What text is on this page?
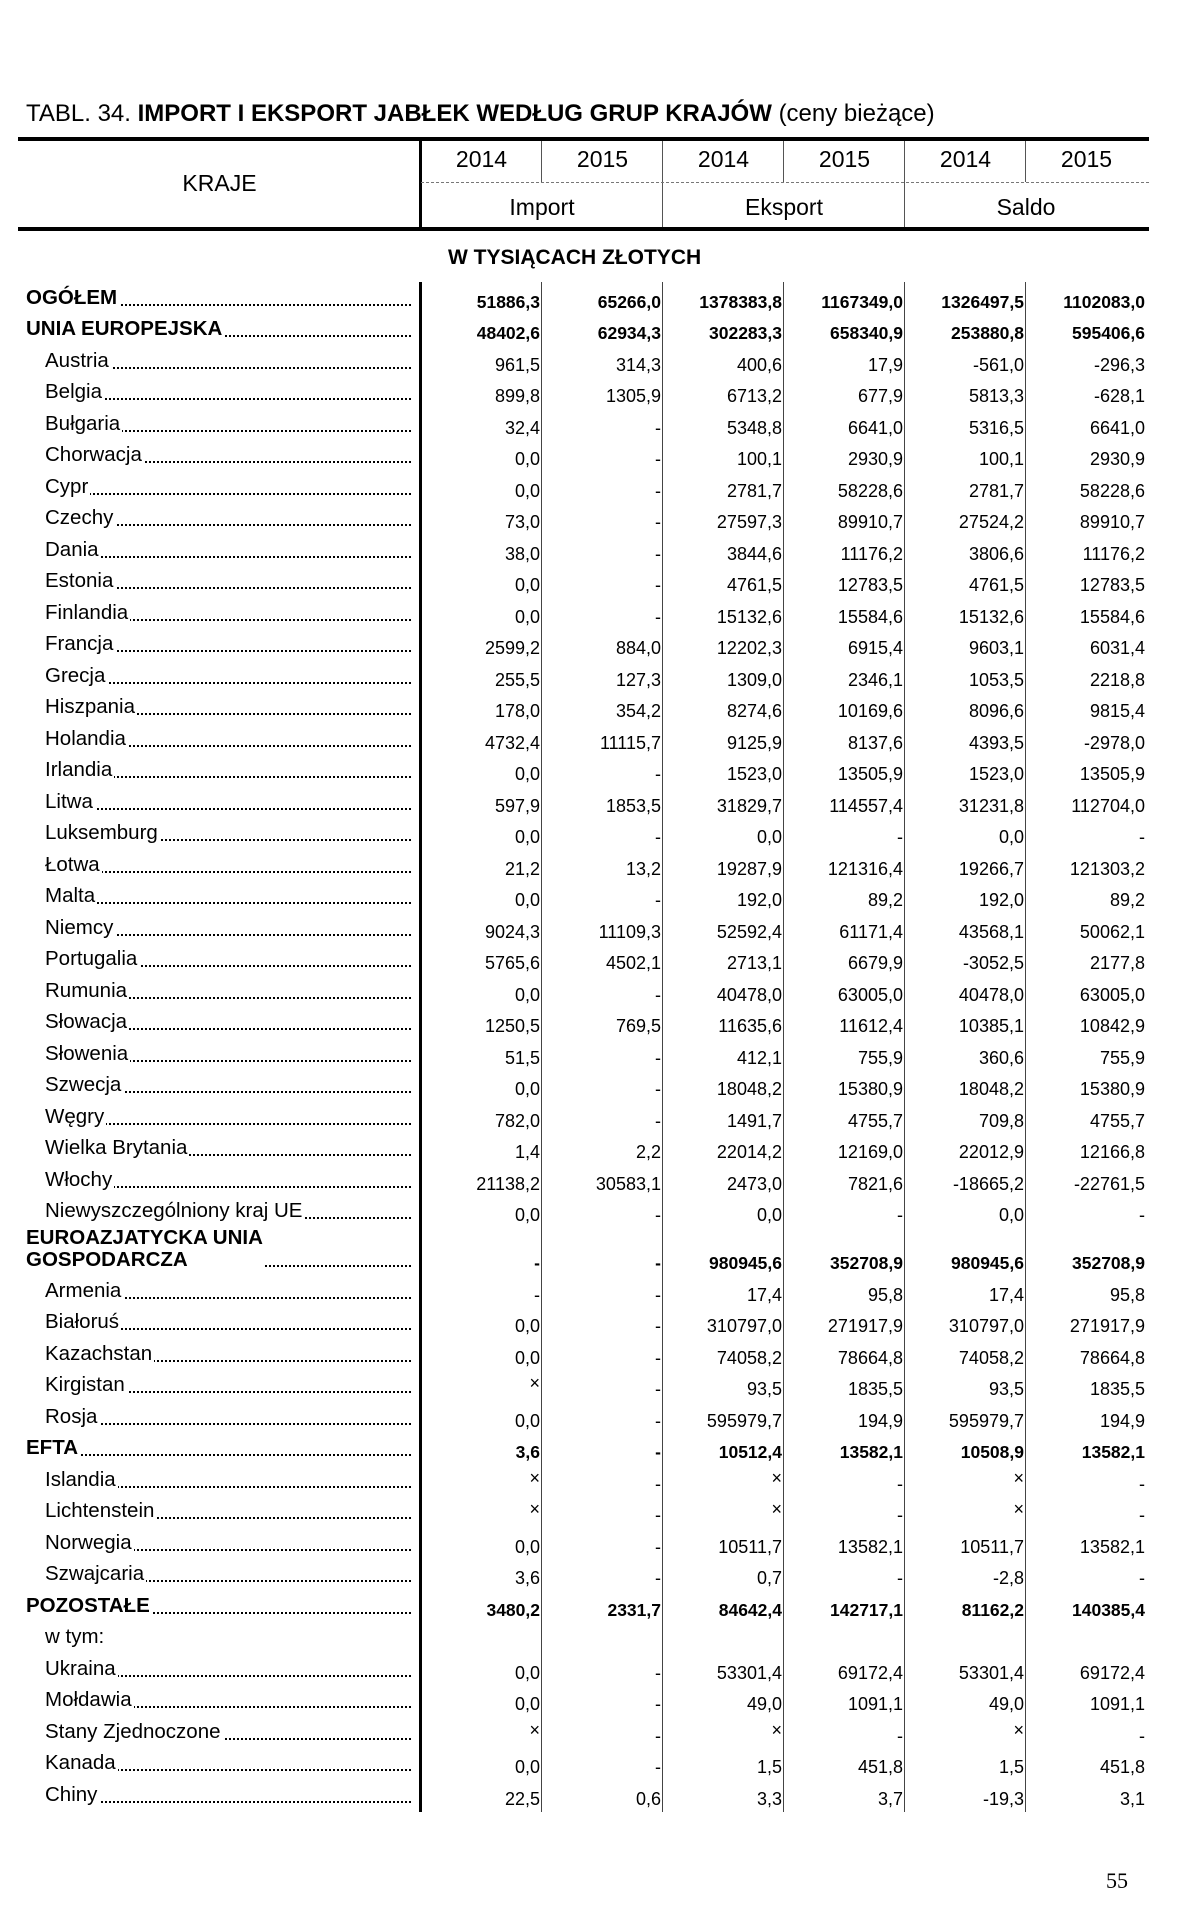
TABL. 34. IMPORT I EKSPORT JABŁEK WEDŁUG GRUP KRAJÓW (ceny bieżące)
KRAJE
2014	2015	2014	2015	2014	2015
Import	Eksport	Saldo
W TYSIĄCACH ZŁOTYCH
OGÓŁEM	51886,3	65266,0	1378383,8	1167349,0	1326497,5	1102083,0
UNIA EUROPEJSKA	48402,6	62934,3	302283,3	658340,9	253880,8	595406,6
Austria	961,5	314,3	400,6	17,9	-561,0	-296,3
Belgia	899,8	1305,9	6713,2	677,9	5813,3	-628,1
Bułgaria	32,4	-	5348,8	6641,0	5316,5	6641,0
Chorwacja	0,0	-	100,1	2930,9	100,1	2930,9
Cypr	0,0	-	2781,7	58228,6	2781,7	58228,6
Czechy	73,0	-	27597,3	89910,7	27524,2	89910,7
Dania	38,0	-	3844,6	11176,2	3806,6	11176,2
Estonia	0,0	-	4761,5	12783,5	4761,5	12783,5
Finlandia	0,0	-	15132,6	15584,6	15132,6	15584,6
Francja	2599,2	884,0	12202,3	6915,4	9603,1	6031,4
Grecja	255,5	127,3	1309,0	2346,1	1053,5	2218,8
Hiszpania	178,0	354,2	8274,6	10169,6	8096,6	9815,4
Holandia	4732,4	11115,7	9125,9	8137,6	4393,5	-2978,0
Irlandia	0,0	-	1523,0	13505,9	1523,0	13505,9
Litwa	597,9	1853,5	31829,7	114557,4	31231,8	112704,0
Luksemburg	0,0	-	0,0	-	0,0	-
Łotwa	21,2	13,2	19287,9	121316,4	19266,7	121303,2
Malta	0,0	-	192,0	89,2	192,0	89,2
Niemcy	9024,3	11109,3	52592,4	61171,4	43568,1	50062,1
Portugalia	5765,6	4502,1	2713,1	6679,9	-3052,5	2177,8
Rumunia	0,0	-	40478,0	63005,0	40478,0	63005,0
Słowacja	1250,5	769,5	11635,6	11612,4	10385,1	10842,9
Słowenia	51,5	-	412,1	755,9	360,6	755,9
Szwecja	0,0	-	18048,2	15380,9	18048,2	15380,9
Węgry	782,0	-	1491,7	4755,7	709,8	4755,7
Wielka Brytania	1,4	2,2	22014,2	12169,0	22012,9	12166,8
Włochy	21138,2	30583,1	2473,0	7821,6	-18665,2	-22761,5
Niewyszczególniony kraj UE	0,0	-	0,0	-	0,0	-
EUROAZJATYCKA UNIA
GOSPODARCZA	-	-	980945,6	352708,9	980945,6	352708,9
Armenia	-	-	17,4	95,8	17,4	95,8
Białoruś	0,0	-	310797,0	271917,9	310797,0	271917,9
Kazachstan	0,0	-	74058,2	78664,8	74058,2	78664,8
Kirgistan	×	-	93,5	1835,5	93,5	1835,5
Rosja	0,0	-	595979,7	194,9	595979,7	194,9
EFTA	3,6	-	10512,4	13582,1	10508,9	13582,1
Islandia	×	-	×	-	×	-
Lichtenstein	×	-	×	-	×	-
Norwegia	0,0	-	10511,7	13582,1	10511,7	13582,1
Szwajcaria	3,6	-	0,7	-	-2,8	-
POZOSTAŁE	3480,2	2331,7	84642,4	142717,1	81162,2	140385,4
w tym:
Ukraina	0,0	-	53301,4	69172,4	53301,4	69172,4
Mołdawia	0,0	-	49,0	1091,1	49,0	1091,1
Stany Zjednoczone	×	-	×	-	×	-
Kanada	0,0	-	1,5	451,8	1,5	451,8
Chiny	22,5	0,6	3,3	3,7	-19,3	3,1
55
